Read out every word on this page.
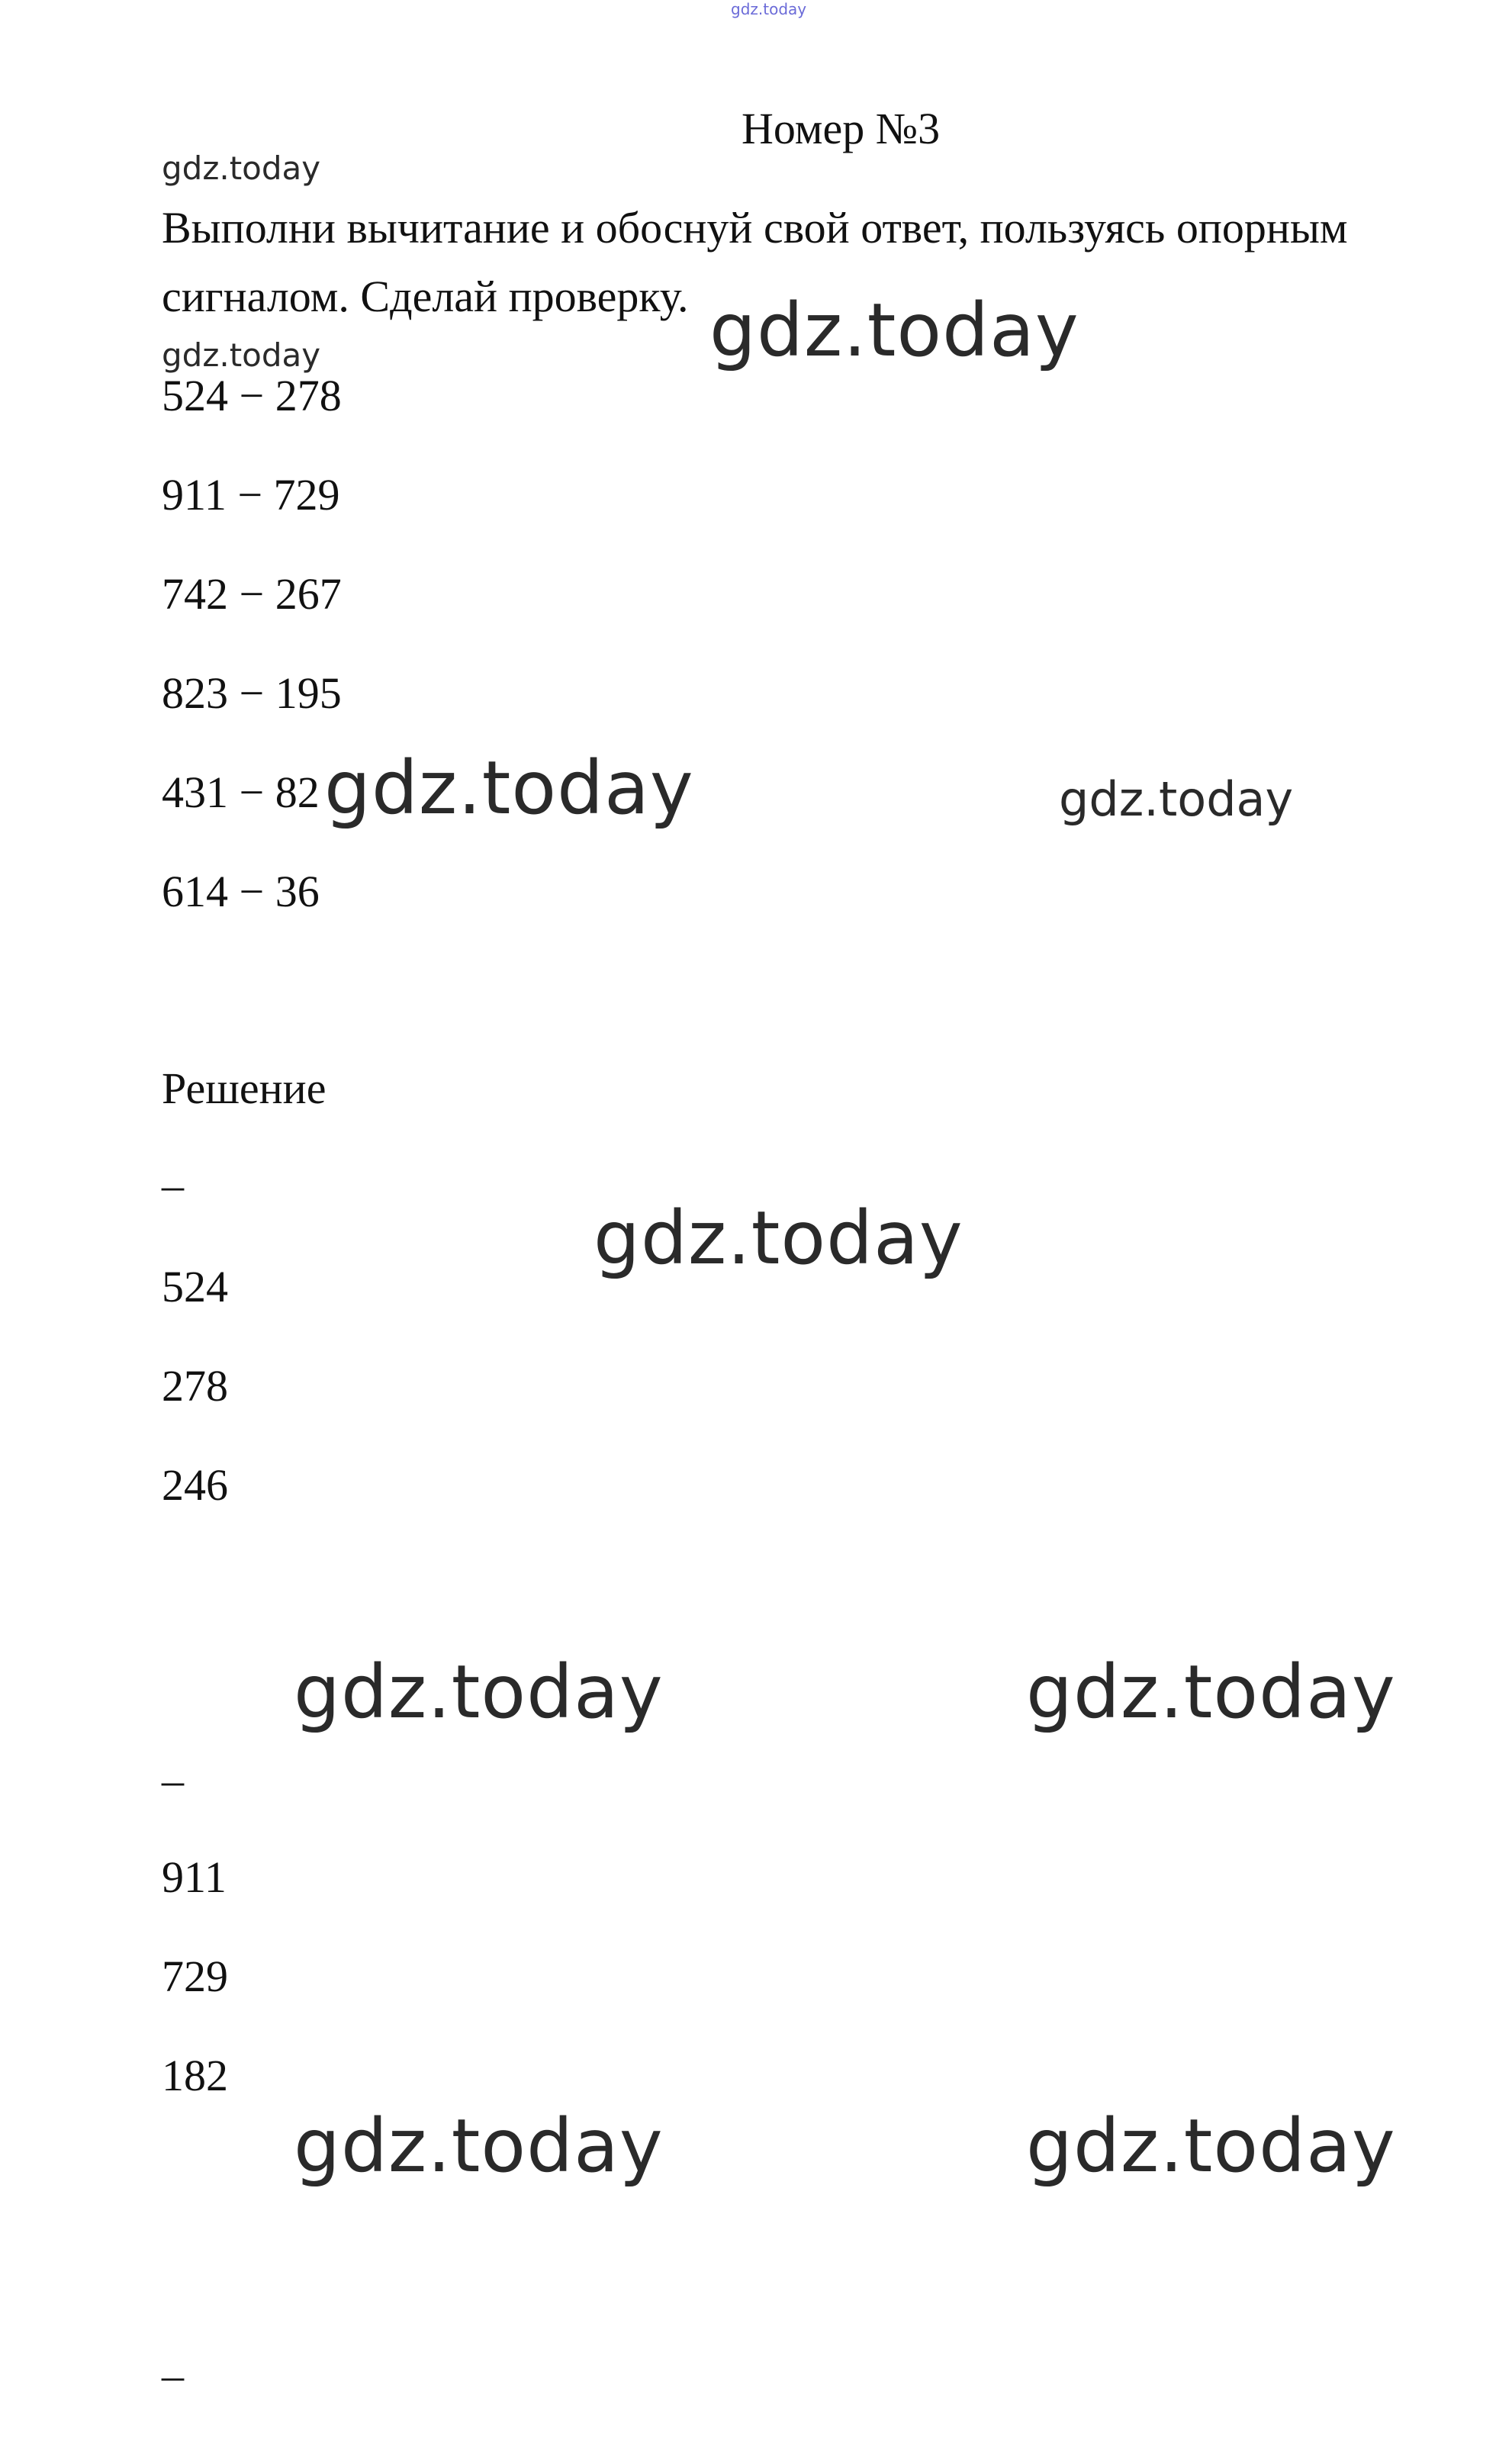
gdz.today
Номер №3
gdz.today
Выполни вычитание и обоснуй свой ответ, пользуясь опорным
сигналом. Сделай проверку. gdz.today
gdz.today
524 − 278
911 − 729
742 − 267
823 − 195
431 − 82
614 − 36
gdz.today	gdz.today
Решение
_
524
278
246
gdz.today
gdz.today	gdz.today
_
911
729
182
gdz.today	gdz.today
_
